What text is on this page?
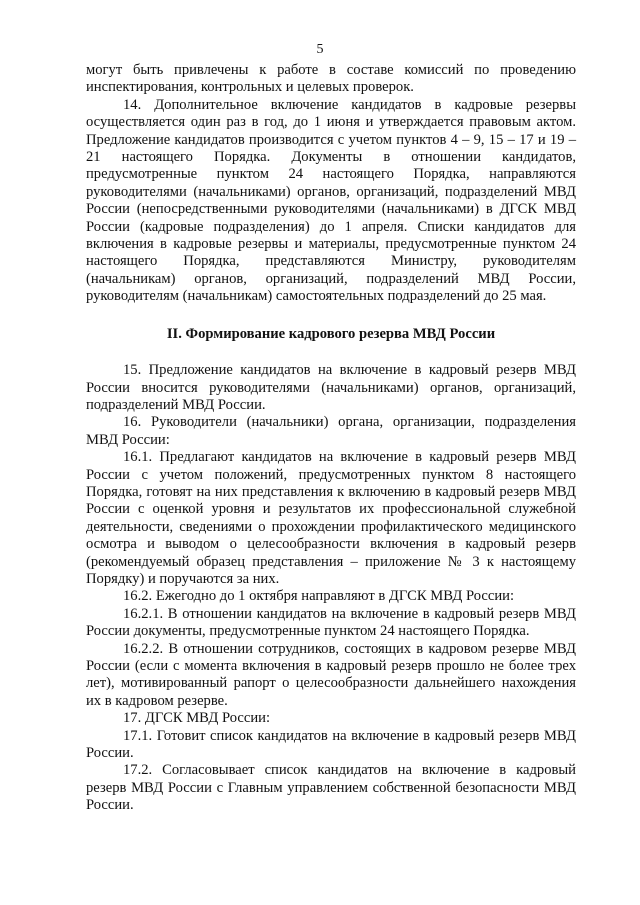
5

могут быть привлечены к работе в составе комиссий по проведению инспектирования, контрольных и целевых проверок.

14. Дополнительное включение кандидатов в кадровые резервы осуществляется один раз в год, до 1 июня и утверждается правовым актом. Предложение кандидатов производится с учетом пунктов 4 – 9, 15 – 17 и 19 – 21 настоящего Порядка. Документы в отношении кандидатов, предусмотренные пунктом 24 настоящего Порядка, направляются руководителями (начальниками) органов, организаций, подразделений МВД России (непосредственными руководителями (начальниками) в ДГСК МВД России (кадровые подразделения) до 1 апреля. Списки кандидатов для включения в кадровые резервы и материалы, предусмотренные пунктом 24 настоящего Порядка, представляются Министру, руководителям (начальникам) органов, организаций, подразделений МВД России, руководителям (начальникам) самостоятельных подразделений до 25 мая.

II. Формирование кадрового резерва МВД России

15. Предложение кандидатов на включение в кадровый резерв МВД России вносится руководителями (начальниками) органов, организаций, подразделений МВД России.

16. Руководители (начальники) органа, организации, подразделения МВД России:

16.1. Предлагают кандидатов на включение в кадровый резерв МВД России с учетом положений, предусмотренных пунктом 8 настоящего Порядка, готовят на них представления к включению в кадровый резерв МВД России с оценкой уровня и результатов их профессиональной служебной деятельности, сведениями о прохождении профилактического медицинского осмотра и выводом о целесообразности включения в кадровый резерв (рекомендуемый образец представления – приложение № 3 к настоящему Порядку) и поручаются за них.

16.2. Ежегодно до 1 октября направляют в ДГСК МВД России:

16.2.1. В отношении кандидатов на включение в кадровый резерв МВД России документы, предусмотренные пунктом 24 настоящего Порядка.

16.2.2. В отношении сотрудников, состоящих в кадровом резерве МВД России (если с момента включения в кадровый резерв прошло не более трех лет), мотивированный рапорт о целесообразности дальнейшего нахождения их в кадровом резерве.

17. ДГСК МВД России:

17.1. Готовит список кандидатов на включение в кадровый резерв МВД России.

17.2. Согласовывает список кандидатов на включение в кадровый резерв МВД России с Главным управлением собственной безопасности МВД России.
